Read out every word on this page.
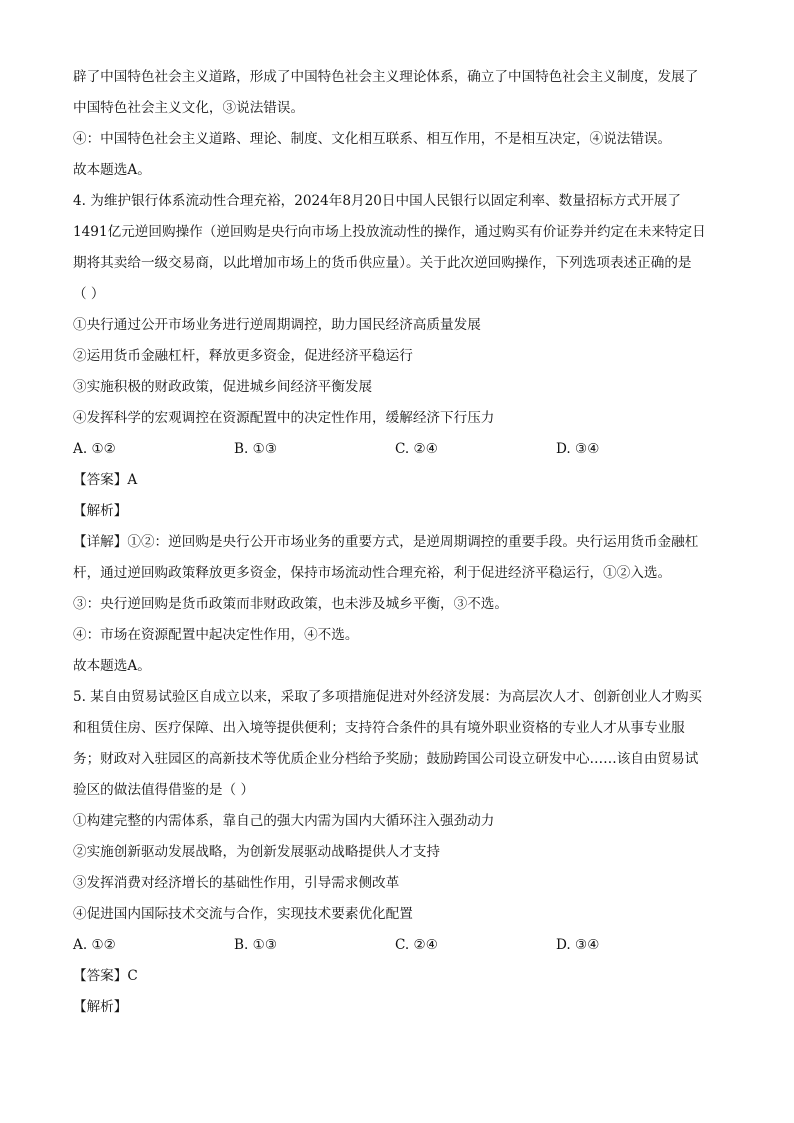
辟了中国特色社会主义道路，形成了中国特色社会主义理论体系，确立了中国特色社会主义制度，发展了
中国特色社会主义文化，③说法错误。
④：中国特色社会主义道路、理论、制度、文化相互联系、相互作用，不是相互决定，④说法错误。
故本题选A。
4. 为维护银行体系流动性合理充裕，2024年8月20日中国人民银行以固定利率、数量招标方式开展了
1491亿元逆回购操作（逆回购是央行向市场上投放流动性的操作，通过购买有价证券并约定在未来特定日
期将其卖给一级交易商，以此增加市场上的货币供应量）。关于此次逆回购操作，下列选项表述正确的是
（ ）
①央行通过公开市场业务进行逆周期调控，助力国民经济高质量发展
②运用货币金融杠杆，释放更多资金，促进经济平稳运行
③实施积极的财政政策，促进城乡间经济平衡发展
④发挥科学的宏观调控在资源配置中的决定性作用，缓解经济下行压力
A. ①②	B. ①③	C. ②④	D. ③④
【答案】A
【解析】
【详解】①②：逆回购是央行公开市场业务的重要方式，是逆周期调控的重要手段。央行运用货币金融杠
杆，通过逆回购政策释放更多资金，保持市场流动性合理充裕，利于促进经济平稳运行，①②入选。
③：央行逆回购是货币政策而非财政政策，也未涉及城乡平衡，③不选。
④：市场在资源配置中起决定性作用，④不选。
故本题选A。
5. 某自由贸易试验区自成立以来，采取了多项措施促进对外经济发展：为高层次人才、创新创业人才购买
和租赁住房、医疗保障、出入境等提供便利；支持符合条件的具有境外职业资格的专业人才从事专业服
务；财政对入驻园区的高新技术等优质企业分档给予奖励；鼓励跨国公司设立研发中心……该自由贸易试
验区的做法值得借鉴的是（ ）
①构建完整的内需体系，靠自己的强大内需为国内大循环注入强劲动力
②实施创新驱动发展战略，为创新发展驱动战略提供人才支持
③发挥消费对经济增长的基础性作用，引导需求侧改革
④促进国内国际技术交流与合作，实现技术要素优化配置
A. ①②	B. ①③	C. ②④	D. ③④
【答案】C
【解析】
